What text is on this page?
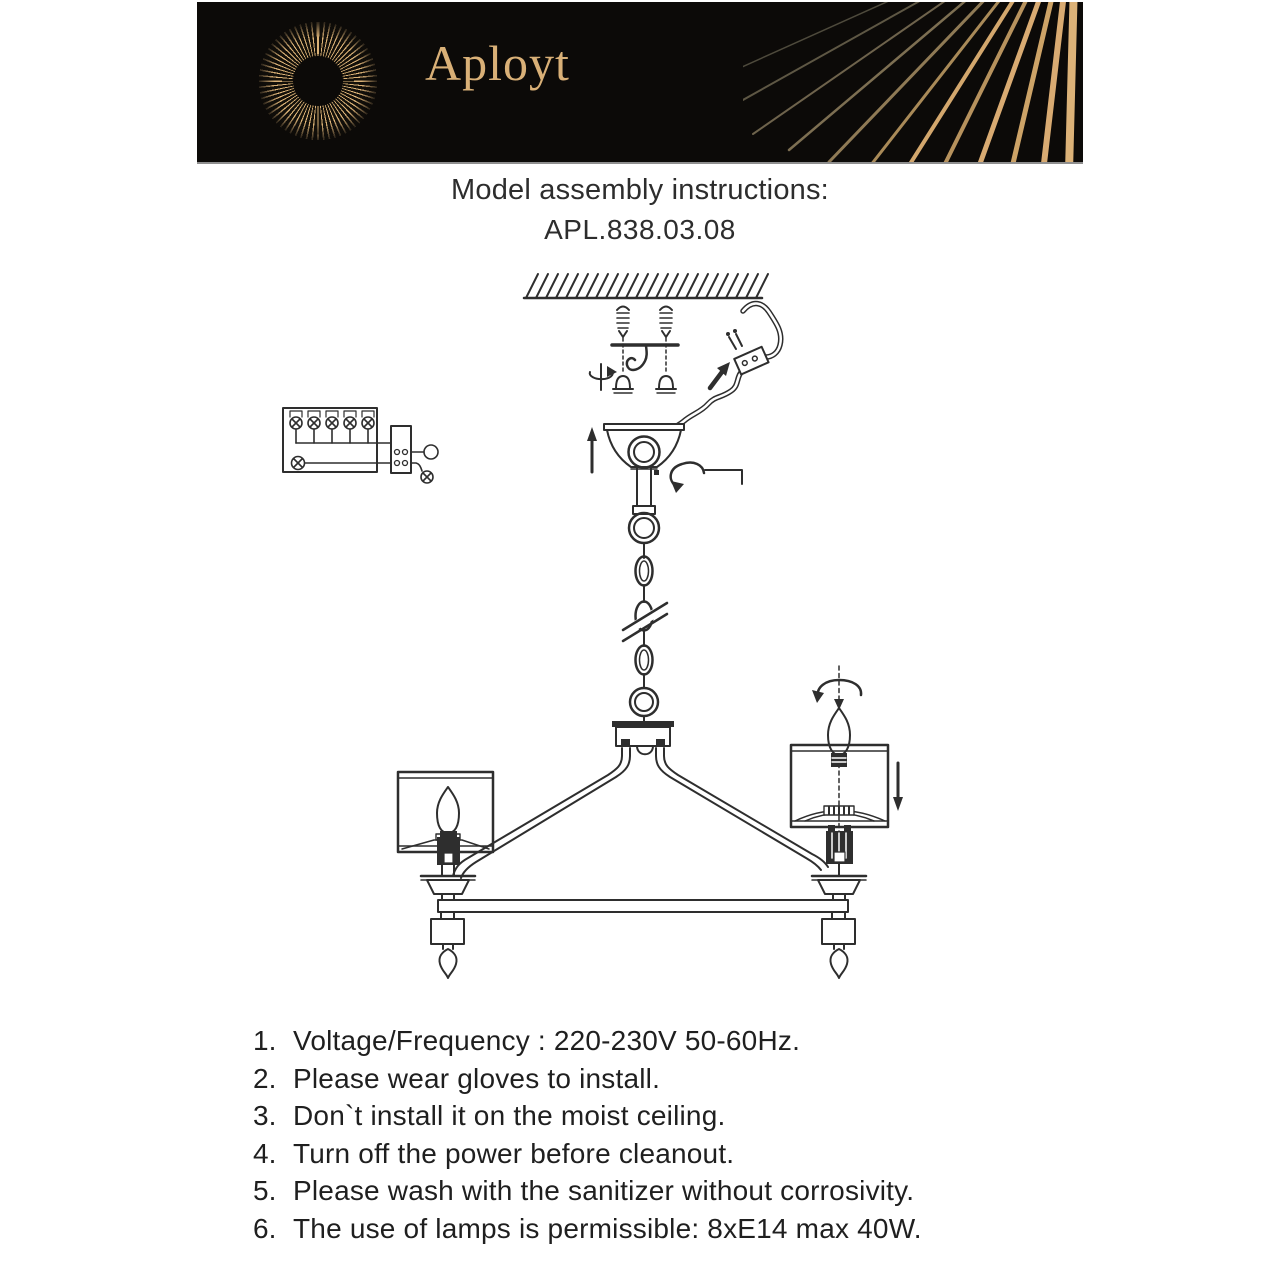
Aployt
Model assembly instructions:
APL.838.03.08
1. Voltage/Frequency : 220-230V 50-60Hz.
2. Please wear gloves to install.
3. Don`t install it on the moist ceiling.
4. Turn off the power before cleanout.
5. Please wash with the sanitizer without corrosivity.
6. The use of lamps is permissible: 8xE14 max 40W.
